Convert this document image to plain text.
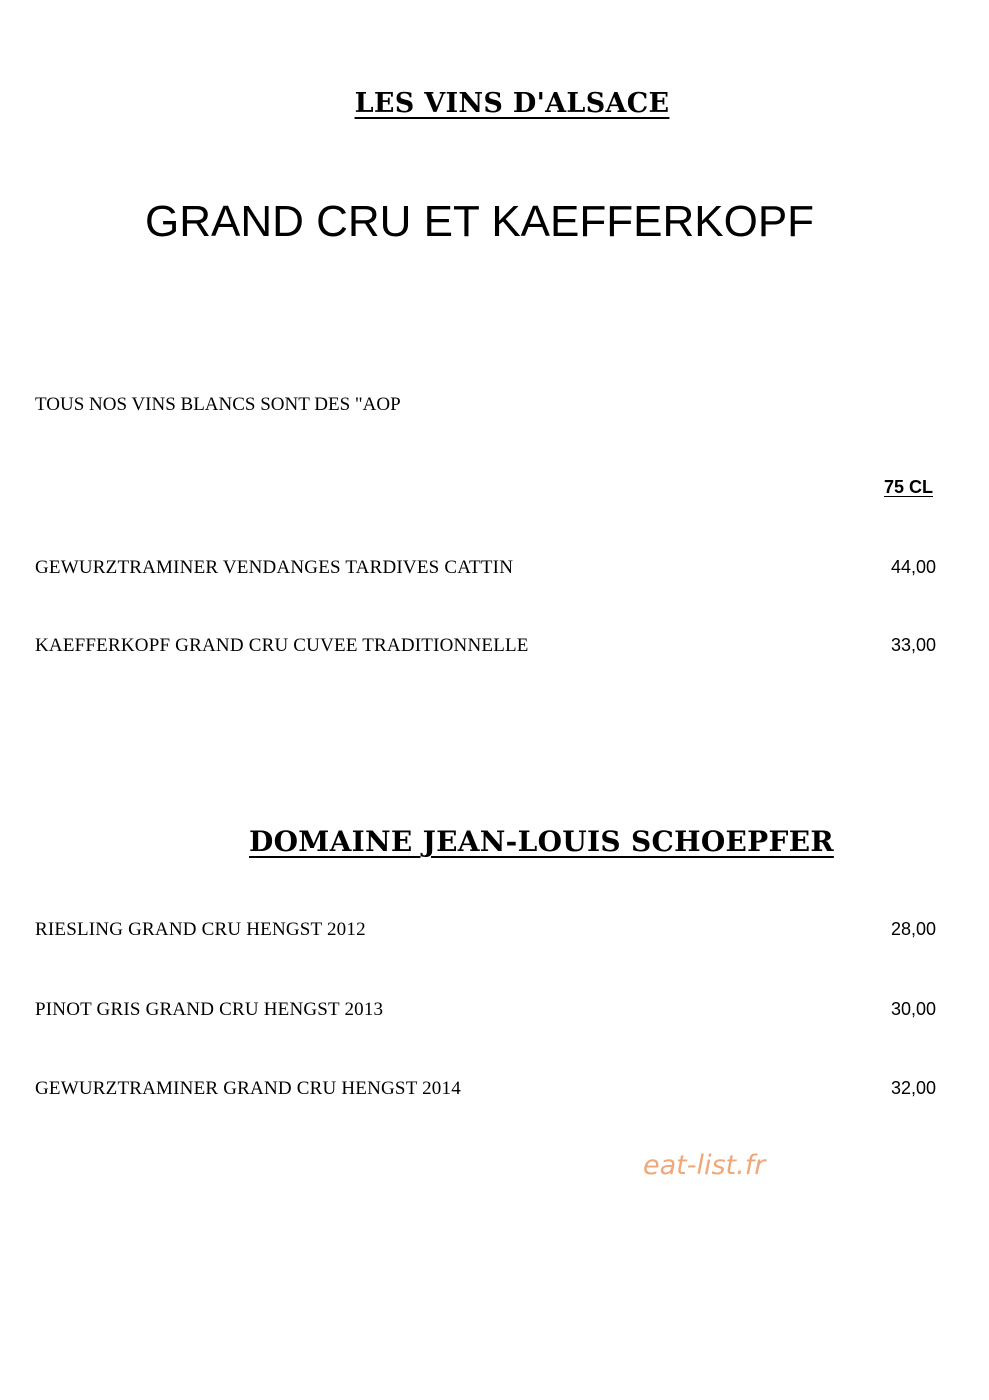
LES VINS D'ALSACE
GRAND CRU ET KAEFFERKOPF
TOUS NOS VINS BLANCS SONT DES "AOP
75 CL
GEWURZTRAMINER VENDANGES TARDIVES CATTIN	44,00
KAEFFERKOPF GRAND CRU CUVEE TRADITIONNELLE	33,00
DOMAINE JEAN-LOUIS SCHOEPFER
RIESLING GRAND CRU HENGST 2012	28,00
PINOT GRIS GRAND CRU HENGST 2013	30,00
GEWURZTRAMINER GRAND CRU HENGST 2014	32,00
eat-list.fr
